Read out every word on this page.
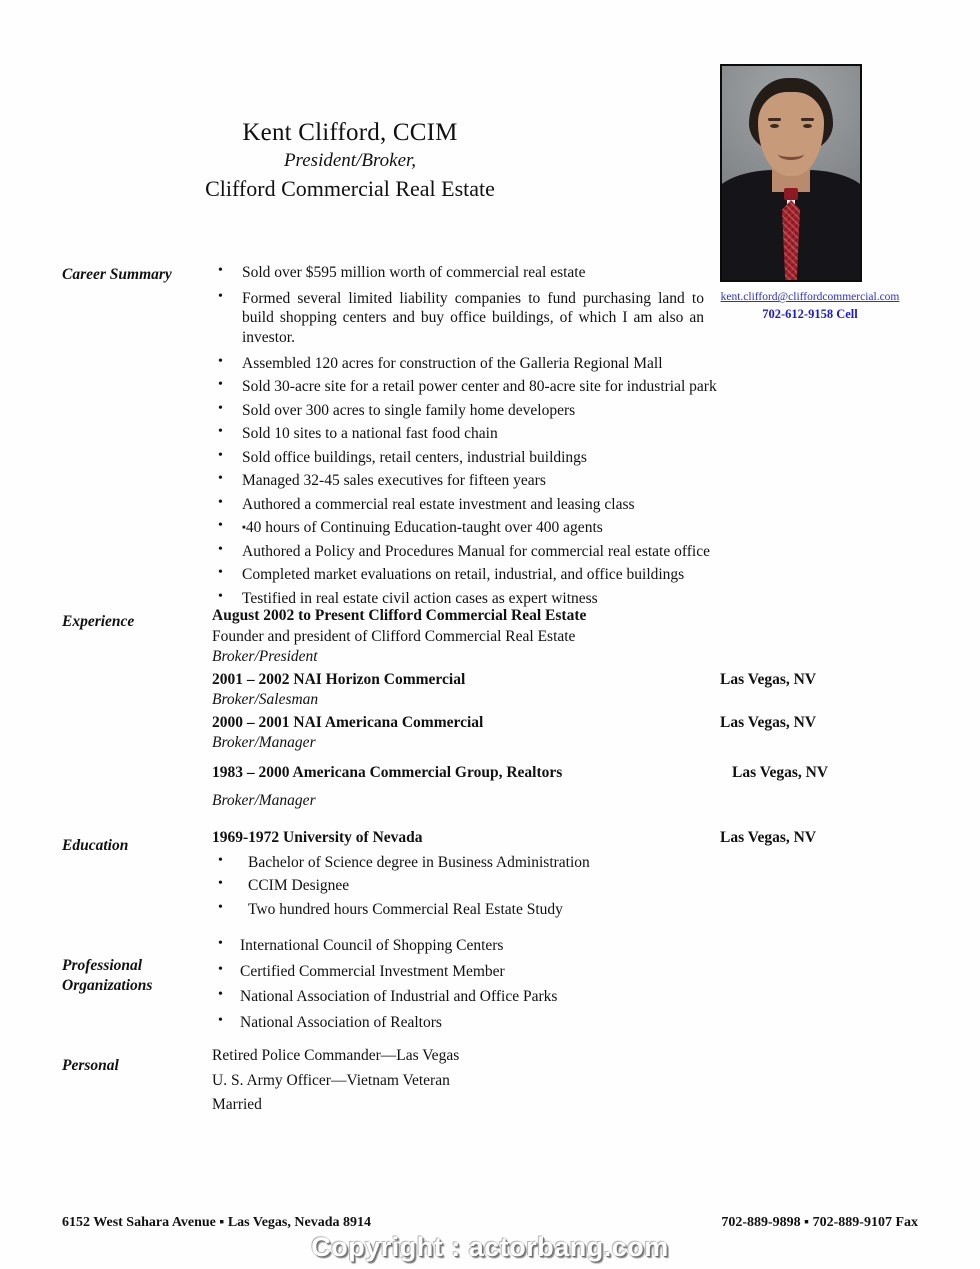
Kent Clifford, CCIM
President/Broker,
Clifford Commercial Real Estate
kent.clifford@cliffordcommercial.com
702-612-9158 Cell
Career Summary	• Sold over $595 million worth of commercial real estate
• Formed several limited liability companies to fund purchasing land to build shopping centers and buy office buildings, of which I am also an investor.
• Assembled 120 acres for construction of the Galleria Regional Mall
• Sold 30-acre site for a retail power center and 80-acre site for industrial park
• Sold over 300 acres to single family home developers
• Sold 10 sites to a national fast food chain
• Sold office buildings, retail centers, industrial buildings
• Managed 32-45 sales executives for fifteen years
• Authored a commercial real estate investment and leasing class
• ▪40 hours of Continuing Education-taught over 400 agents
• Authored a Policy and Procedures Manual for commercial real estate office
• Completed market evaluations on retail, industrial, and office buildings
• Testified in real estate civil action cases as expert witness
Experience	August 2002 to Present Clifford Commercial Real Estate
Founder and president of Clifford Commercial Real Estate
Broker/President
2001 – 2002 NAI Horizon Commercial	Las Vegas, NV
Broker/Salesman
2000 – 2001 NAI Americana Commercial	Las Vegas, NV
Broker/Manager
1983 – 2000 Americana Commercial Group, Realtors	Las Vegas, NV
Broker/Manager
Education	1969-1972 University of Nevada	Las Vegas, NV
• Bachelor of Science degree in Business Administration
• CCIM Designee
• Two hundred hours Commercial Real Estate Study
Professional
Organizations
• International Council of Shopping Centers
• Certified Commercial Investment Member
• National Association of Industrial and Office Parks
• National Association of Realtors
Personal
Retired Police Commander—Las Vegas
U. S. Army Officer—Vietnam Veteran
Married
6152 West Sahara Avenue ▪ Las Vegas, Nevada 8914	702-889-9898 ▪ 702-889-9107 Fax
Copyright : actorbang.com
